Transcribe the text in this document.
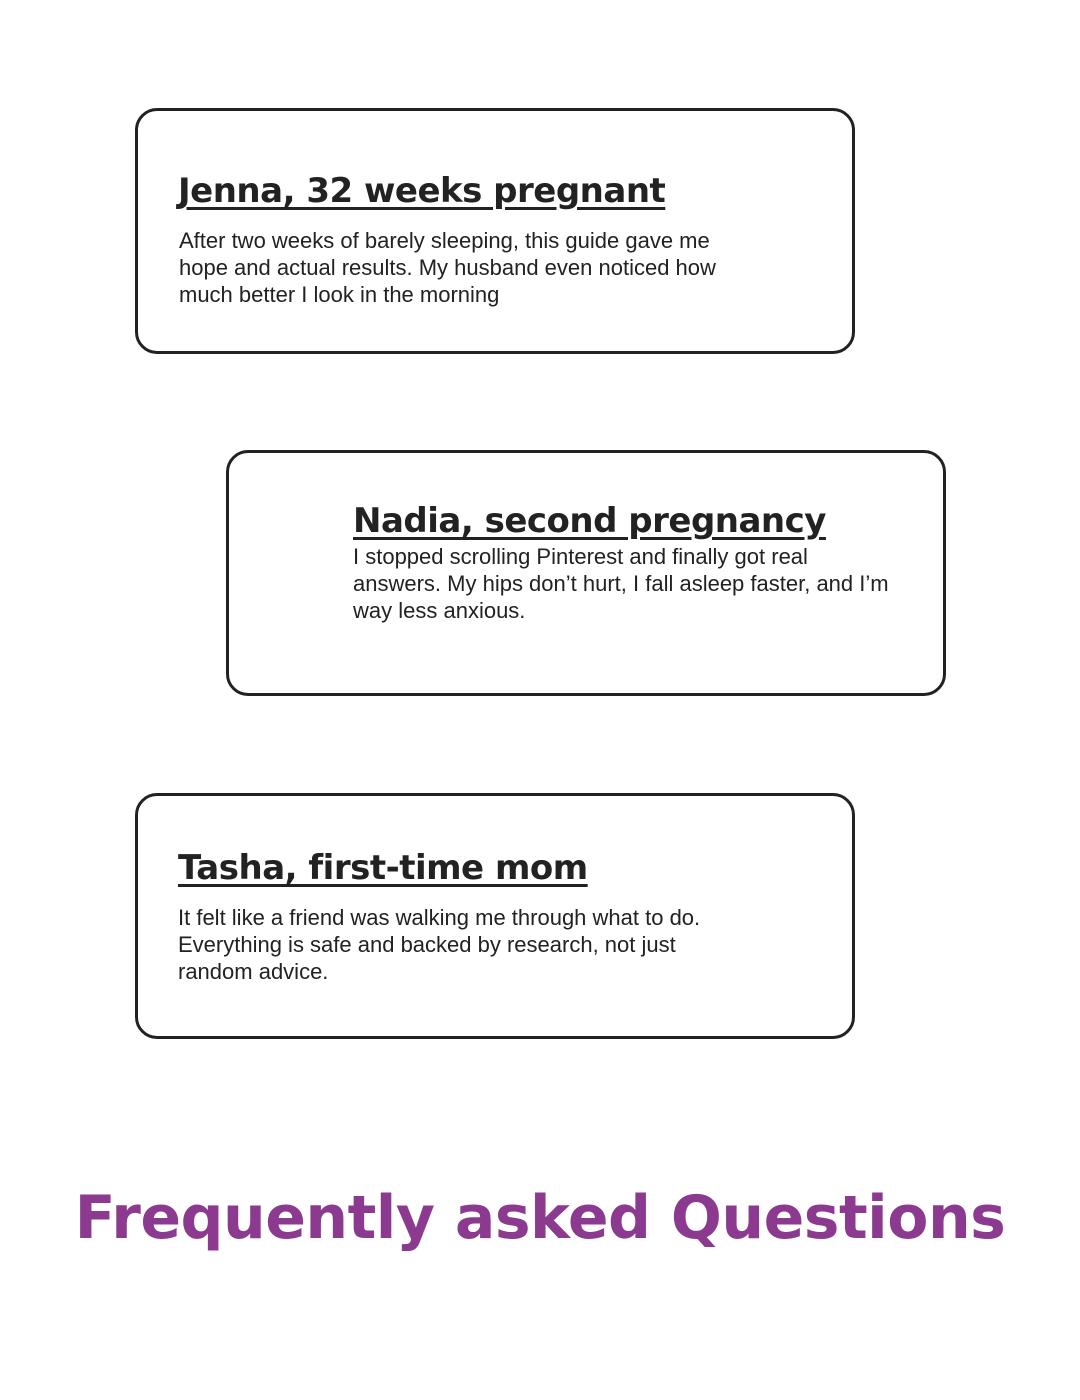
Jenna, 32 weeks pregnant

After two weeks of barely sleeping, this guide gave me hope and actual results. My husband even noticed how much better I look in the morning

Nadia, second pregnancy

I stopped scrolling Pinterest and finally got real answers. My hips don’t hurt, I fall asleep faster, and I’m way less anxious.

Tasha, first-time mom

It felt like a friend was walking me through what to do. Everything is safe and backed by research, not just random advice.

Frequently asked Questions
